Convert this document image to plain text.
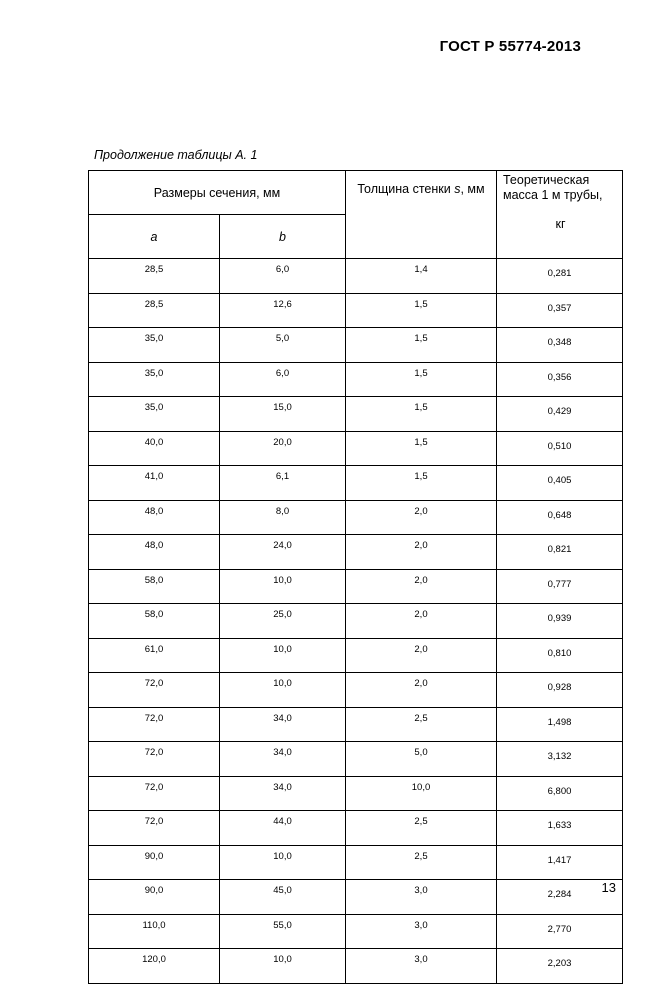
ГОСТ Р 55774-2013
Продолжение таблицы А. 1
Размеры сечения, мм		Толщина стенки s, мм	Теоретическая масса 1 м трубы,
кг

a	b		
28,5	6,0	1,4	0,281
28,5	12,6	1,5	0,357
35,0	5,0	1,5	0,348
35,0	6,0	1,5	0,356
35,0	15,0	1,5	0,429
40,0	20,0	1,5	0,510
41,0	6,1	1,5	0,405
48,0	8,0	2,0	0,648
48,0	24,0	2,0	0,821
58,0	10,0	2,0	0,777
58,0	25,0	2,0	0,939
61,0	10,0	2,0	0,810
72,0	10,0	2,0	0,928
72,0	34,0	2,5	1,498
72,0	34,0	5,0	3,132
72,0	34,0	10,0	6,800
72,0	44,0	2,5	1,633
90,0	10,0	2,5	1,417
90,0	45,0	3,0	2,284
110,0	55,0	3,0	2,770
120,0	10,0	3,0	2,203
13
